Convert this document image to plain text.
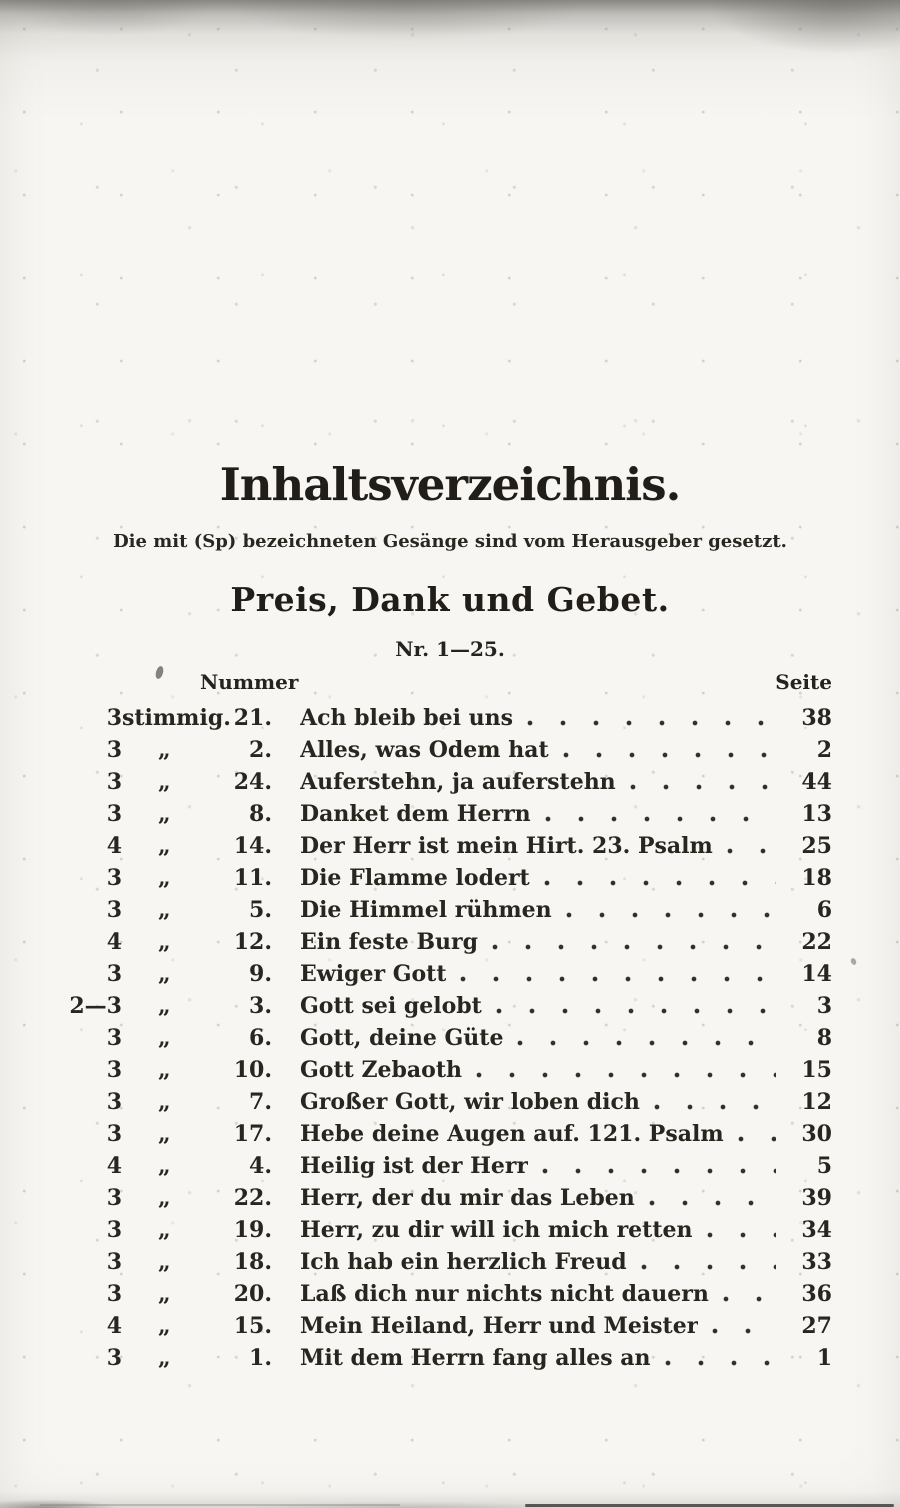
Inhaltsverzeichnis.

Die mit (Sp) bezeichneten Gesänge sind vom Herausgeber gesetzt.

Preis, Dank und Gebet.

Nr. 1—25.

Nummer	Seite
3 stimmig. 21. Ach bleib bei uns	38
3	„	2. Alles, was Odem hat	2
3	„	24. Auferstehn, ja auferstehn	44
3	„	8. Danket dem Herrn	13
4	„	14. Der Herr ist mein Hirt. 23. Psalm	25
3	„	11. Die Flamme lodert	18
3	„	5. Die Himmel rühmen	6
4	„	12. Ein feste Burg	22
3	„	9. Ewiger Gott	14
2—3	„	3. Gott sei gelobt	3
3	„	6. Gott, deine Güte	8
3	„	10. Gott Zebaoth	15
3	„	7. Großer Gott, wir loben dich	12
3	„	17. Hebe deine Augen auf. 121. Psalm	30
4	„	4. Heilig ist der Herr	5
3	„	22. Herr, der du mir das Leben	39
3	„	19. Herr, zu dir will ich mich retten	34
3	„	18. Ich hab ein herzlich Freud	33
3	„	20. Laß dich nur nichts nicht dauern	36
4	„	15. Mein Heiland, Herr und Meister	27
3	„	1. Mit dem Herrn fang alles an	1
